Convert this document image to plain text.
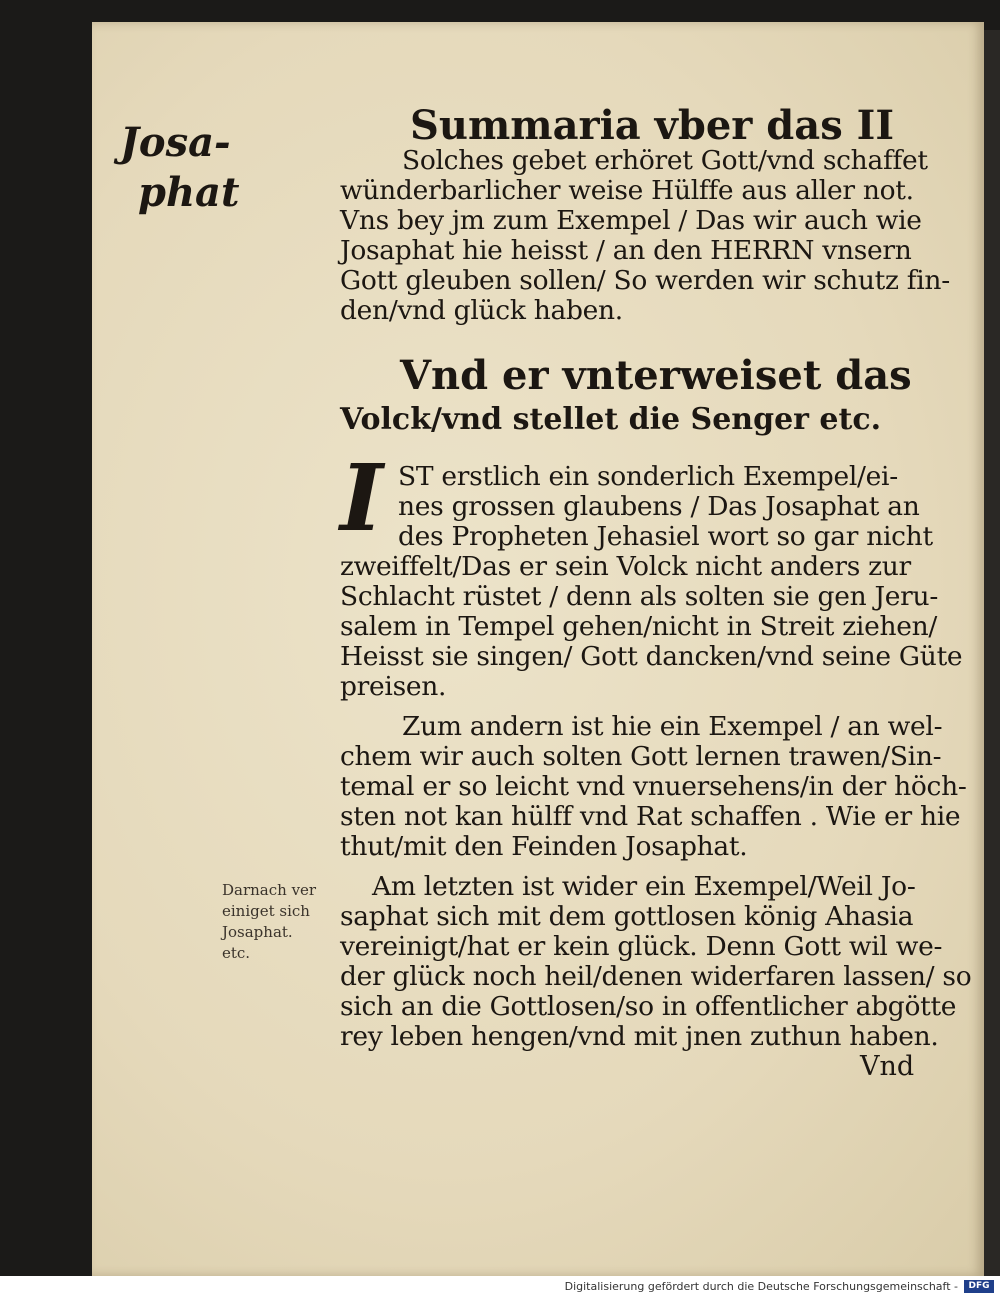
Josa-
phat
Summaria vber das II
Solches gebet erhöret Gott/vnd schaffet
wünderbarlicher weise Hülffe aus aller not.
Vns bey jm zum Exempel / Das wir auch wie
Josaphat hie heisst / an den HERRN vnsern
Gott gleuben sollen/ So werden wir schutz fin-
den/vnd glück haben.
Vnd er vnterweiset das
Volck/vnd stellet die Senger etc.
I ST erstlich ein sonderlich Exempel/ei-
nes grossen glaubens / Das Josaphat an
des Propheten Jehasiel wort so gar nicht
zweiffelt/Das er sein Volck nicht anders zur
Schlacht rüstet / denn als solten sie gen Jeru-
salem in Tempel gehen/nicht in Streit ziehen/
Heisst sie singen/ Gott dancken/vnd seine Güte
preisen.
Zum andern ist hie ein Exempel / an wel-
chem wir auch solten Gott lernen trawen/Sin-
temal er so leicht vnd vnuersehens/in der höch-
sten not kan hülff vnd Rat schaffen . Wie er hie
thut/mit den Feinden Josaphat.
Darnach ver
einiget sich
Josaphat.
etc.
Am letzten ist wider ein Exempel/Weil Jo-
saphat sich mit dem gottlosen könig Ahasia
vereinigt/hat er kein glück. Denn Gott wil we-
der glück noch heil/denen widerfaren lassen/ so
sich an die Gottlosen/so in offentlicher abgötte
rey leben hengen/vnd mit jnen zuthun haben.
Vnd
Digitalisierung gefördert durch die Deutsche Forschungsgemeinschaft -	DFG
